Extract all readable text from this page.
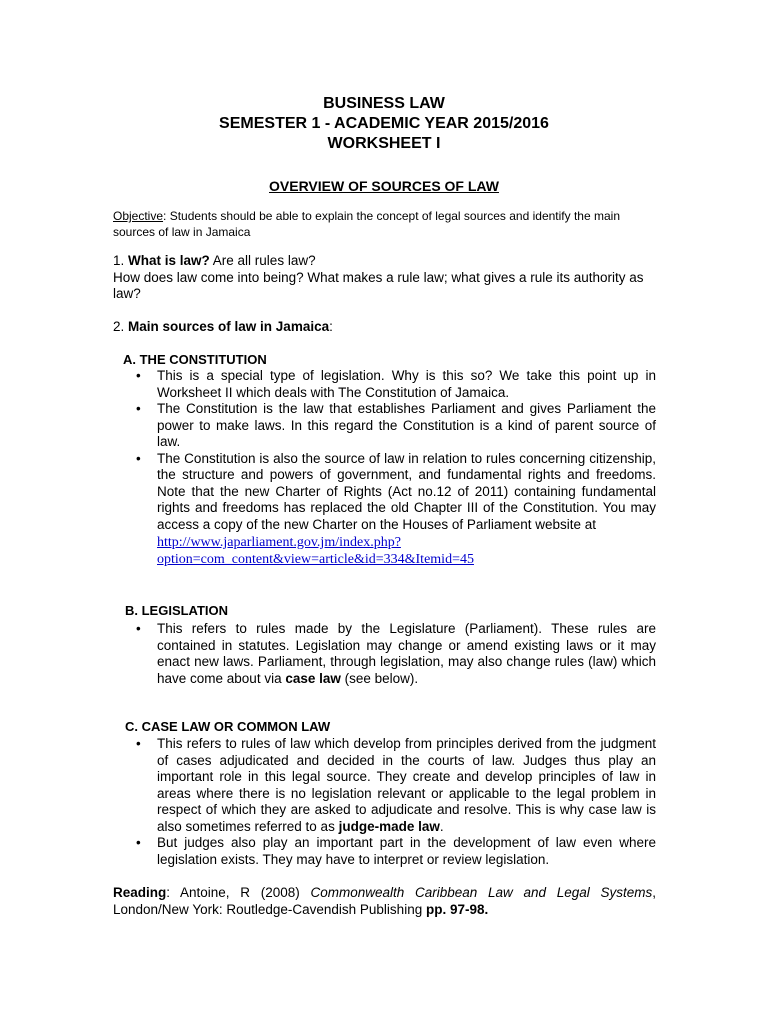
BUSINESS LAW
SEMESTER 1 - ACADEMIC YEAR 2015/2016
WORKSHEET I
OVERVIEW OF SOURCES OF LAW
Objective: Students should be able to explain the concept of legal sources and identify the main sources of law in Jamaica
1. What is law? Are all rules law?
How does law come into being? What makes a rule law; what gives a rule its authority as law?
2. Main sources of law in Jamaica:
A. THE CONSTITUTION
• This is a special type of legislation. Why is this so? We take this point up in Worksheet II which deals with The Constitution of Jamaica.
• The Constitution is the law that establishes Parliament and gives Parliament the power to make laws. In this regard the Constitution is a kind of parent source of law.
• The Constitution is also the source of law in relation to rules concerning citizenship, the structure and powers of government, and fundamental rights and freedoms. Note that the new Charter of Rights (Act no.12 of 2011) containing fundamental rights and freedoms has replaced the old Chapter III of the Constitution. You may access a copy of the new Charter on the Houses of Parliament website at
http://www.japarliament.gov.jm/index.php?
option=com_content&view=article&id=334&Itemid=45
B. LEGISLATION
• This refers to rules made by the Legislature (Parliament). These rules are contained in statutes. Legislation may change or amend existing laws or it may enact new laws. Parliament, through legislation, may also change rules (law) which have come about via case law (see below).
C. CASE LAW OR COMMON LAW
• This refers to rules of law which develop from principles derived from the judgment of cases adjudicated and decided in the courts of law. Judges thus play an important role in this legal source. They create and develop principles of law in areas where there is no legislation relevant or applicable to the legal problem in respect of which they are asked to adjudicate and resolve. This is why case law is also sometimes referred to as judge-made law.
• But judges also play an important part in the development of law even where legislation exists. They may have to interpret or review legislation.
Reading: Antoine, R (2008) Commonwealth Caribbean Law and Legal Systems, London/New York: Routledge-Cavendish Publishing pp. 97-98.
